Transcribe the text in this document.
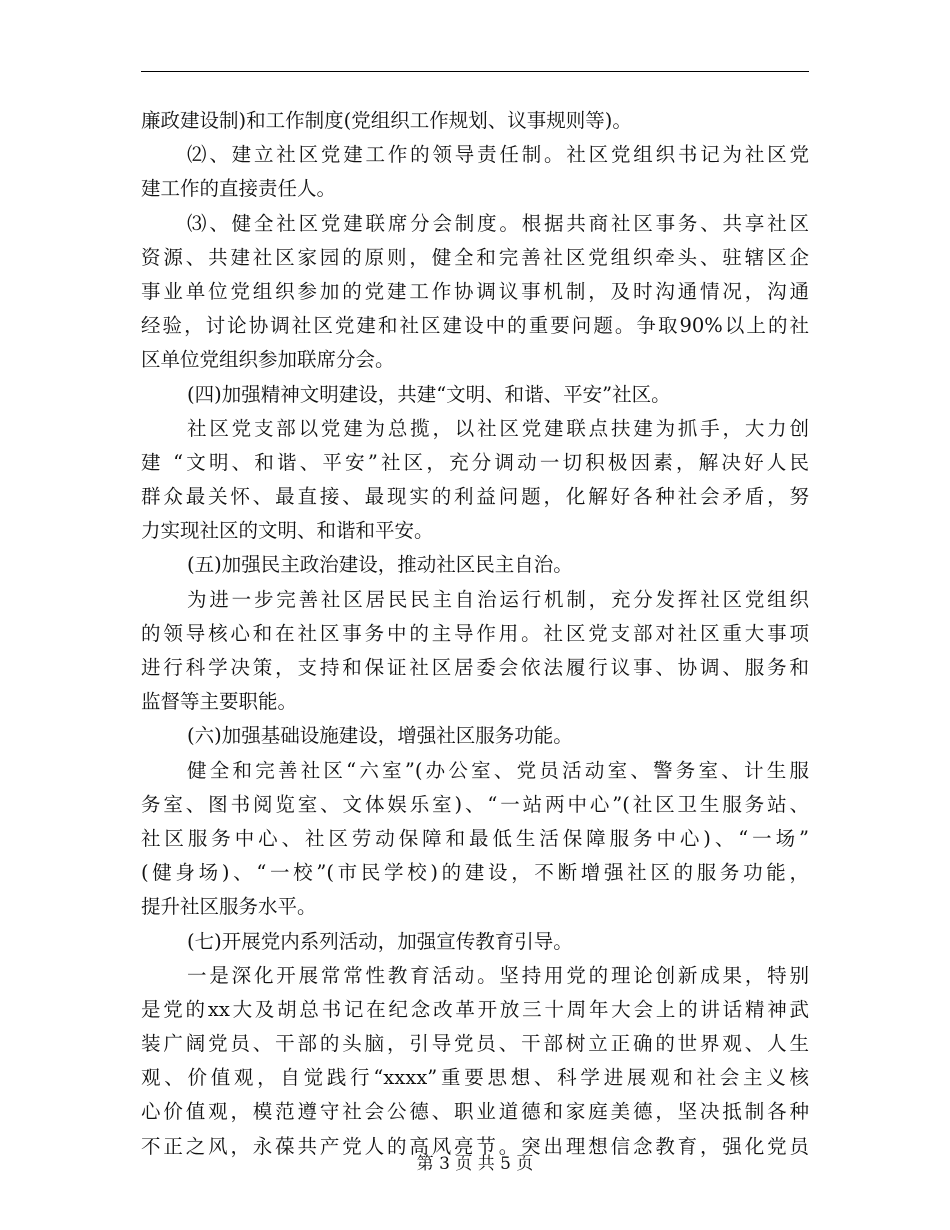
廉政建设制)和工作制度(党组织工作规划、议事规则等)。
⑵、建立社区党建工作的领导责任制。社区党组织书记为社区党
建工作的直接责任人。
⑶、健全社区党建联席分会制度。根据共商社区事务、共享社区
资源、共建社区家园的原则，健全和完善社区党组织牵头、驻辖区企
事业单位党组织参加的党建工作协调议事机制，及时沟通情况，沟通
经验，讨论协调社区党建和社区建设中的重要问题。争取90%以上的社
区单位党组织参加联席分会。
(四)加强精神文明建设，共建“文明、和谐、平安”社区。
社区党支部以党建为总揽，以社区党建联点扶建为抓手，大力创
建 “文明、和谐、平安”社区，充分调动一切积极因素，解决好人民
群众最关怀、最直接、最现实的利益问题，化解好各种社会矛盾，努
力实现社区的文明、和谐和平安。
(五)加强民主政治建设，推动社区民主自治。
为进一步完善社区居民民主自治运行机制，充分发挥社区党组织
的领导核心和在社区事务中的主导作用。社区党支部对社区重大事项
进行科学决策，支持和保证社区居委会依法履行议事、协调、服务和
监督等主要职能。
(六)加强基础设施建设，增强社区服务功能。
健全和完善社区“六室”(办公室、党员活动室、警务室、计生服
务室、图书阅览室、文体娱乐室)、“一站两中心”(社区卫生服务站、
社区服务中心、社区劳动保障和最低生活保障服务中心)、“一场”
(健身场)、“一校”(市民学校)的建设，不断增强社区的服务功能，
提升社区服务水平。
(七)开展党内系列活动，加强宣传教育引导。
一是深化开展常常性教育活动。坚持用党的理论创新成果，特别
是党的xx大及胡总书记在纪念改革开放三十周年大会上的讲话精神武
装广阔党员、干部的头脑，引导党员、干部树立正确的世界观、人生
观、价值观，自觉践行“xxxx”重要思想、科学进展观和社会主义核
心价值观，模范遵守社会公德、职业道德和家庭美德，坚决抵制各种
不正之风，永葆共产党人的高风亮节。突出理想信念教育，强化党员
第 3 页 共 5 页
